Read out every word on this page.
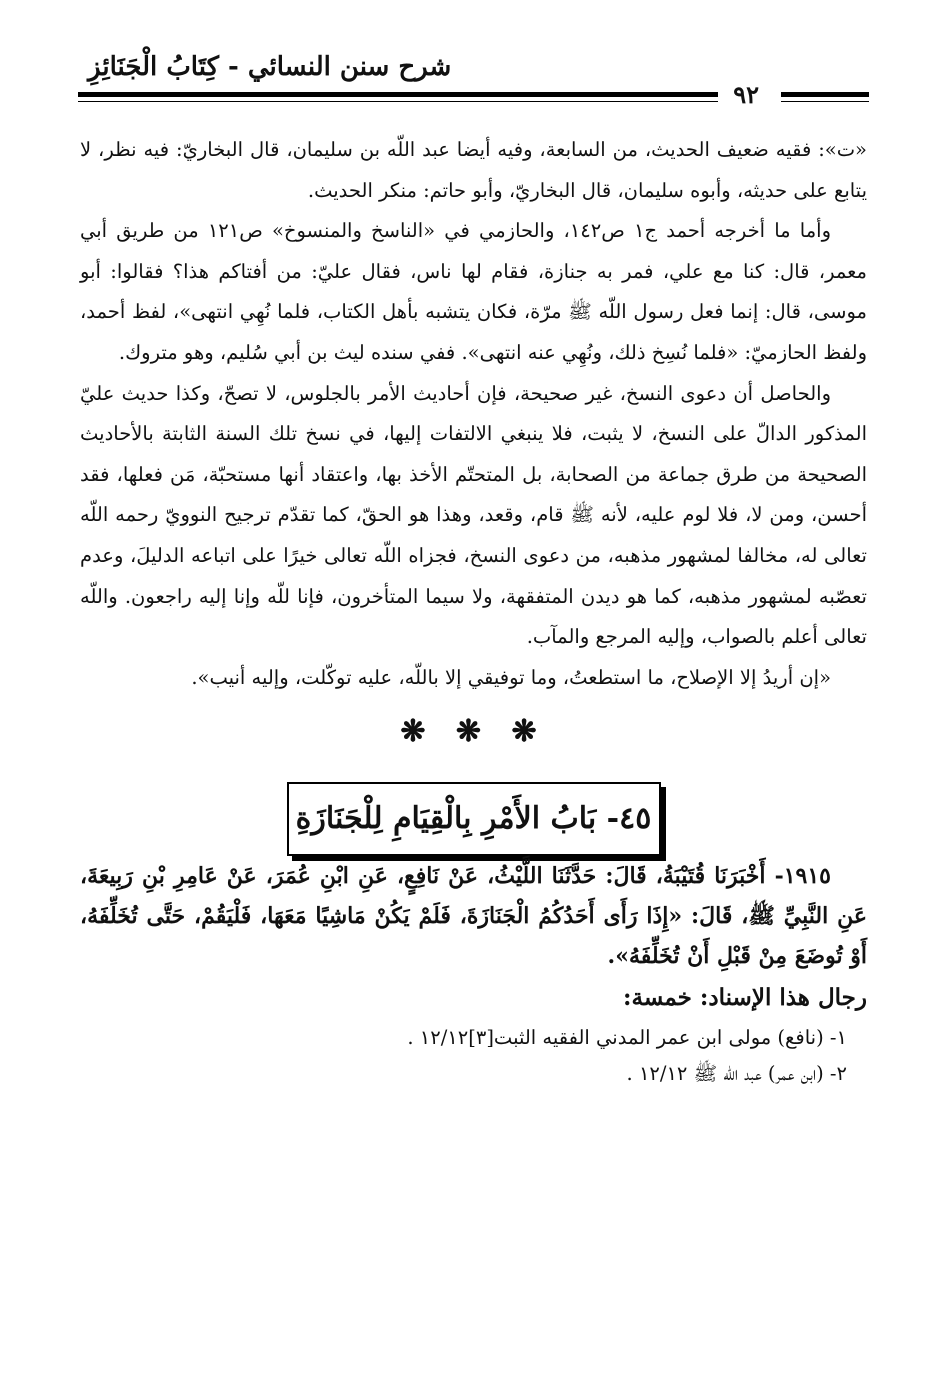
شرح سنن النسائي - كِتَابُ الْجَنَائِزِ
٩٢

«ت»: فقيه ضعيف الحديث، من السابعة، وفيه أيضا عبد اللّه بن سليمان، قال البخاريّ: فيه نظر، لا يتابع على حديثه، وأبوه سليمان، قال البخاريّ، وأبو حاتم: منكر الحديث.

وأما ما أخرجه أحمد ج١ ص١٤٢، والحازمي في «الناسخ والمنسوخ» ص١٢١ من طريق أبي معمر، قال: كنا مع علي، فمر به جنازة، فقام لها ناس، فقال عليّ: من أفتاكم هذا؟ فقالوا: أبو موسى، قال: إنما فعل رسول اللّه ﷺ مرّة، فكان يتشبه بأهل الكتاب، فلما نُهِي انتهى»، لفظ أحمد، ولفظ الحازميّ: «فلما نُسِخ ذلك، ونُهِي عنه انتهى». ففي سنده ليث بن أبي سُليم، وهو متروك.

والحاصل أن دعوى النسخ، غير صحيحة، فإن أحاديث الأمر بالجلوس، لا تصحّ، وكذا حديث عليّ المذكور الدالّ على النسخ، لا يثبت، فلا ينبغي الالتفات إليها، في نسخ تلك السنة الثابتة بالأحاديث الصحيحة من طرق جماعة من الصحابة، بل المتحتّم الأخذ بها، واعتقاد أنها مستحبّة، مَن فعلها، فقد أحسن، ومن لا، فلا لوم عليه، لأنه ﷺ قام، وقعد، وهذا هو الحقّ، كما تقدّم ترجيح النوويّ رحمه اللّه تعالى له، مخالفا لمشهور مذهبه، من دعوى النسخ، فجزاه اللّه تعالى خيرًا على اتباعه الدليلَ، وعدم تعصّبه لمشهور مذهبه، كما هو ديدن المتفقهة، ولا سيما المتأخرون، فإنا للّه وإنا إليه راجعون. واللّه تعالى أعلم بالصواب، وإليه المرجع والمآب.

«إن أريدُ إلا الإصلاح، ما استطعتُ، وما توفيقي إلا باللّه، عليه توكّلت، وإليه أنيب».

❋ ❋ ❋
٤٥- بَابُ الأَمْرِ بِالْقِيَامِ لِلْجَنَازَةِ

١٩١٥- أَخْبَرَنَا قُتَيْبَةُ، قَالَ: حَدَّثَنَا اللَّيْثُ، عَنْ نَافِعٍ، عَنِ ابْنِ عُمَرَ، عَنْ عَامِرِ بْنِ رَبِيعَةَ، عَنِ النَّبِيِّ ﷺ، قَالَ: «إِذَا رَأَى أَحَدُكُمُ الْجَنَازَةَ، فَلَمْ يَكُنْ مَاشِيًا مَعَهَا، فَلْيَقُمْ، حَتَّى تُخَلِّفَهُ، أَوْ تُوضَعَ مِنْ قَبْلِ أَنْ تُخَلِّفَهُ».

رجال هذا الإسناد: خمسة:
١- (نافع) مولى ابن عمر المدني الفقيه الثبت[٣]١٢/١٢ .
٢- (ابن عمر) عبد اللّه ﷺ ١٢/١٢ .
